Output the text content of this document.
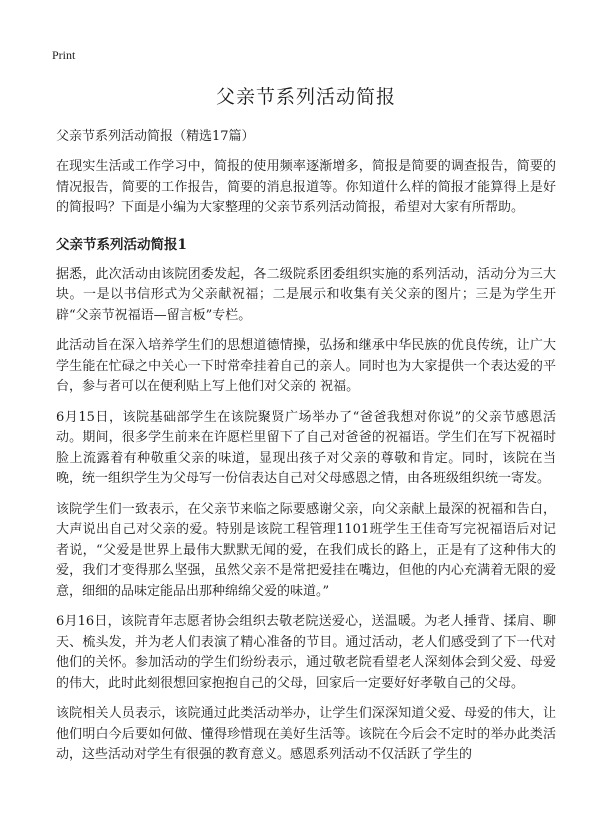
Print
父亲节系列活动简报
父亲节系列活动简报（精选17篇）
在现实生活或工作学习中，简报的使用频率逐渐增多，简报是简要的调查报告，简要的情况报告，简要的工作报告，简要的消息报道等。你知道什么样的简报才能算得上是好的简报吗？下面是小编为大家整理的父亲节系列活动简报，希望对大家有所帮助。
父亲节系列活动简报1
据悉，此次活动由该院团委发起，各二级院系团委组织实施的系列活动，活动分为三大块。一是以书信形式为父亲献祝福；二是展示和收集有关父亲的图片；三是为学生开辟“父亲节祝福语—留言板”专栏。
此活动旨在深入培养学生们的思想道德情操，弘扬和继承中华民族的优良传统，让广大学生能在忙碌之中关心一下时常牵挂着自己的亲人。同时也为大家提供一个表达爱的平台，参与者可以在便利贴上写上他们对父亲的 祝福。
6月15日，该院基础部学生在该院聚贤广场举办了“爸爸我想对你说”的父亲节感恩活动。期间，很多学生前来在许愿栏里留下了自己对爸爸的祝福语。学生们在写下祝福时脸上流露着有种敬重父亲的味道，显现出孩子对父亲的尊敬和肯定。同时，该院在当晚，统一组织学生为父母写一份信表达自己对父母感恩之情，由各班级组织统一寄发。
该院学生们一致表示，在父亲节来临之际要感谢父亲，向父亲献上最深的祝福和告白，大声说出自己对父亲的爱。特别是该院工程管理1101班学生王佳奇写完祝福语后对记者说，“父爱是世界上最伟大默默无闻的爱，在我们成长的路上，正是有了这种伟大的爱，我们才变得那么坚强，虽然父亲不是常把爱挂在嘴边，但他的内心充满着无限的爱意，细细的品味定能品出那种绵绵父爱的味道。”
6月16日，该院青年志愿者协会组织去敬老院送爱心，送温暖。为老人捶背、揉肩、聊天、梳头发，并为老人们表演了精心准备的节目。通过活动，老人们感受到了下一代对他们的关怀。参加活动的学生们纷纷表示，通过敬老院看望老人深刻体会到父爱、母爱的伟大，此时此刻很想回家抱抱自己的父母，回家后一定要好好孝敬自己的父母。
该院相关人员表示，该院通过此类活动举办，让学生们深深知道父爱、母爱的伟大，让他们明白今后要如何做、懂得珍惜现在美好生活等。该院在今后会不定时的举办此类活动，这些活动对学生有很强的教育意义。感恩系列活动不仅活跃了学生的
